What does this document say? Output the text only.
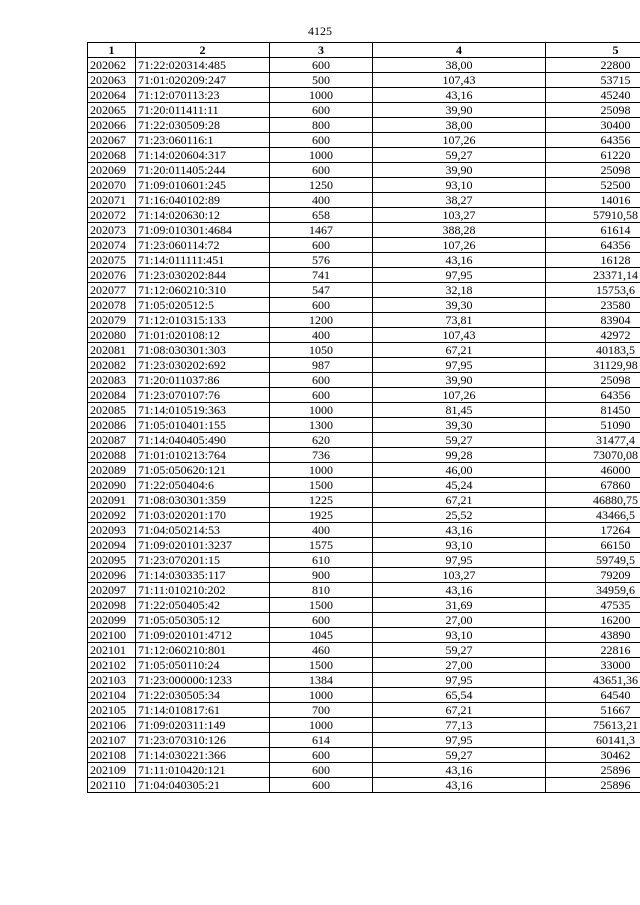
4125
1	2	3	4	5
202062	71:22:020314:485	600	38,00	22800
202063	71:01:020209:247	500	107,43	53715
202064	71:12:070113:23	1000	43,16	45240
202065	71:20:011411:11	600	39,90	25098
202066	71:22:030509:28	800	38,00	30400
202067	71:23:060116:1	600	107,26	64356
202068	71:14:020604:317	1000	59,27	61220
202069	71:20:011405:244	600	39,90	25098
202070	71:09:010601:245	1250	93,10	52500
202071	71:16:040102:89	400	38,27	14016
202072	71:14:020630:12	658	103,27	57910,58
202073	71:09:010301:4684	1467	388,28	61614
202074	71:23:060114:72	600	107,26	64356
202075	71:14:011111:451	576	43,16	16128
202076	71:23:030202:844	741	97,95	23371,14
202077	71:12:060210:310	547	32,18	15753,6
202078	71:05:020512:5	600	39,30	23580
202079	71:12:010315:133	1200	73,81	83904
202080	71:01:020108:12	400	107,43	42972
202081	71:08:030301:303	1050	67,21	40183,5
202082	71:23:030202:692	987	97,95	31129,98
202083	71:20:011037:86	600	39,90	25098
202084	71:23:070107:76	600	107,26	64356
202085	71:14:010519:363	1000	81,45	81450
202086	71:05:010401:155	1300	39,30	51090
202087	71:14:040405:490	620	59,27	31477,4
202088	71:01:010213:764	736	99,28	73070,08
202089	71:05:050620:121	1000	46,00	46000
202090	71:22:050404:6	1500	45,24	67860
202091	71:08:030301:359	1225	67,21	46880,75
202092	71:03:020201:170	1925	25,52	43466,5
202093	71:04:050214:53	400	43,16	17264
202094	71:09:020101:3237	1575	93,10	66150
202095	71:23:070201:15	610	97,95	59749,5
202096	71:14:030335:117	900	103,27	79209
202097	71:11:010210:202	810	43,16	34959,6
202098	71:22:050405:42	1500	31,69	47535
202099	71:05:050305:12	600	27,00	16200
202100	71:09:020101:4712	1045	93,10	43890
202101	71:12:060210:801	460	59,27	22816
202102	71:05:050110:24	1500	27,00	33000
202103	71:23:000000:1233	1384	97,95	43651,36
202104	71:22:030505:34	1000	65,54	64540
202105	71:14:010817:61	700	67,21	51667
202106	71:09:020311:149	1000	77,13	75613,21
202107	71:23:070310:126	614	97,95	60141,3
202108	71:14:030221:366	600	59,27	30462
202109	71:11:010420:121	600	43,16	25896
202110	71:04:040305:21	600	43,16	25896
